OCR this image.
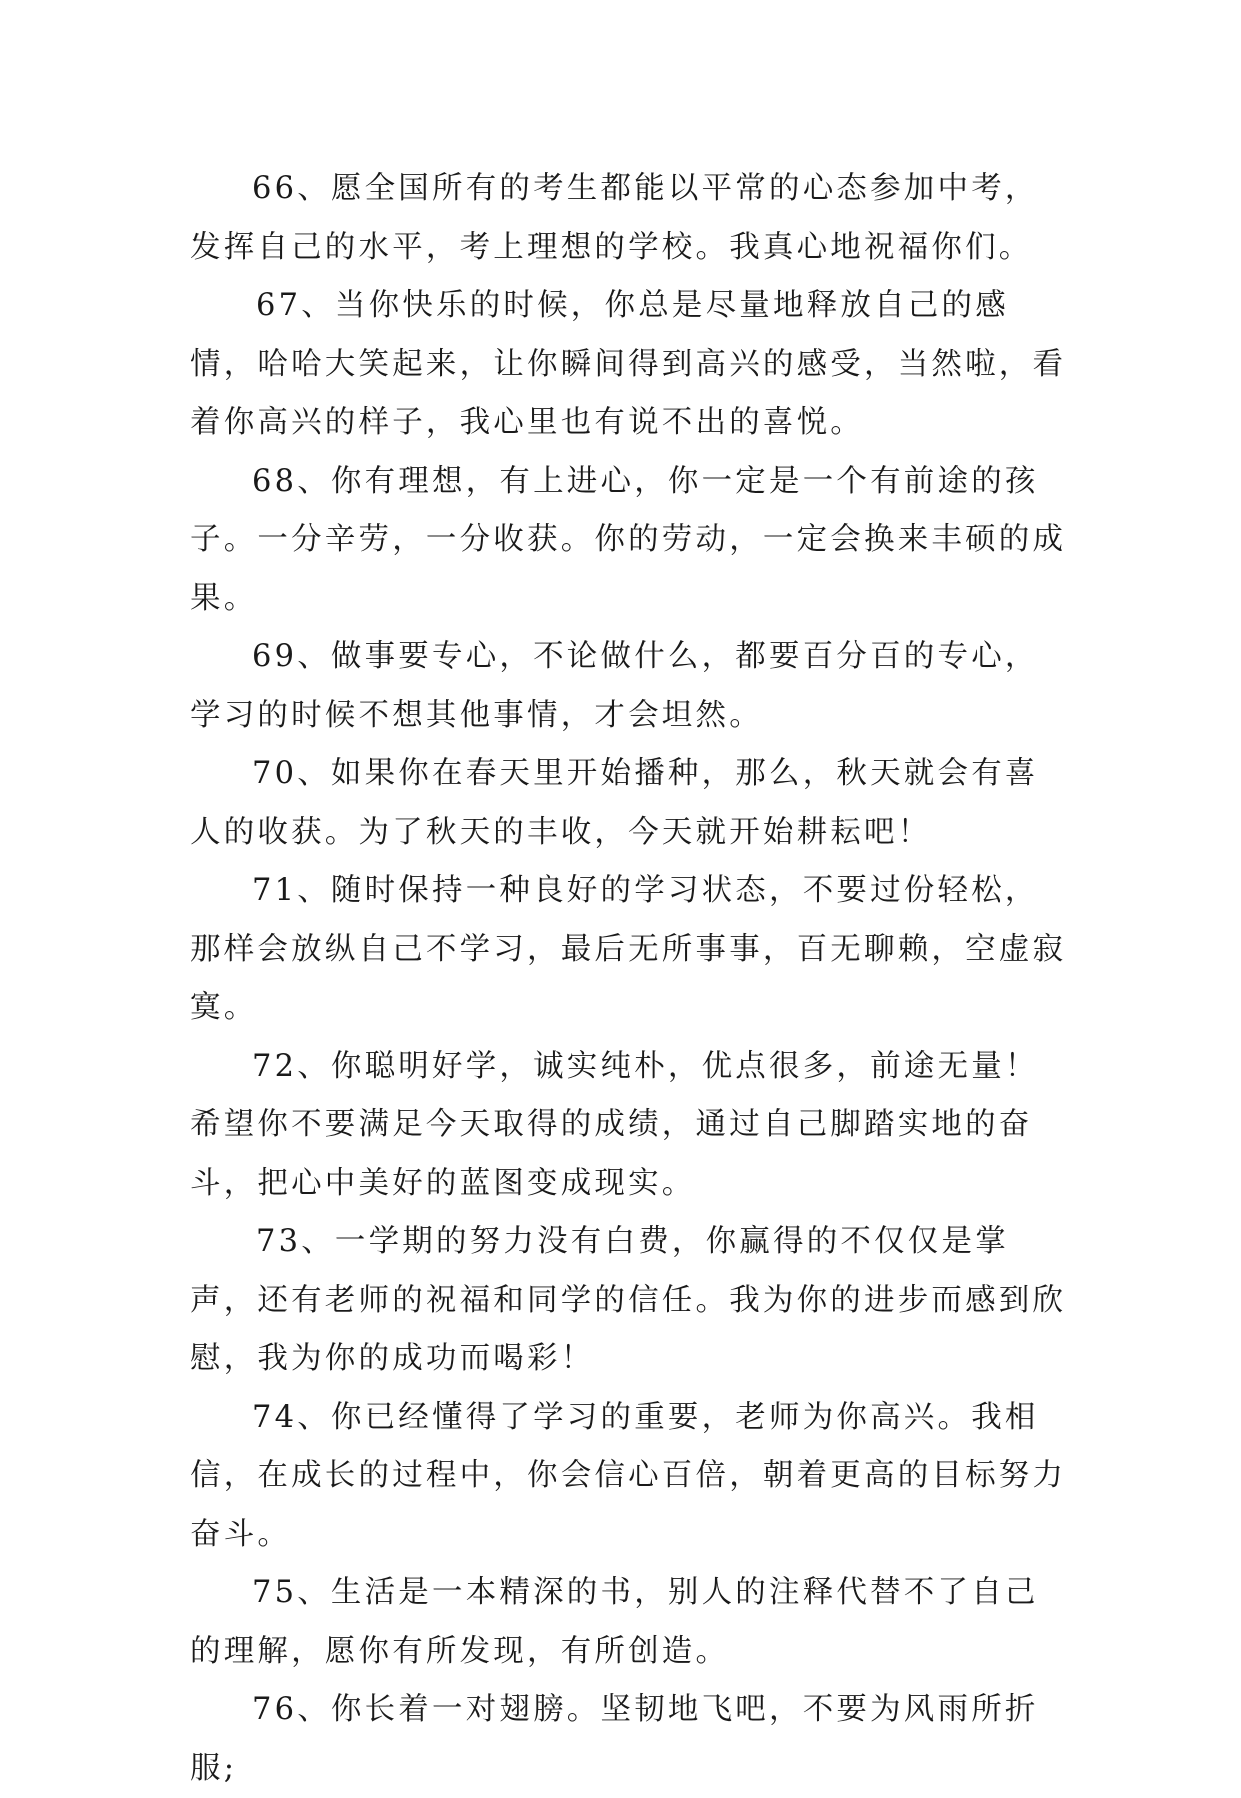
66、愿全国所有的考生都能以平常的心态参加中考，发挥自己的水平，考上理想的学校。我真心地祝福你们。

67、当你快乐的时候，你总是尽量地释放自己的感情，哈哈大笑起来，让你瞬间得到高兴的感受，当然啦，看着你高兴的样子，我心里也有说不出的喜悦。

68、你有理想，有上进心，你一定是一个有前途的孩子。一分辛劳，一分收获。你的劳动，一定会换来丰硕的成果。

69、做事要专心，不论做什么，都要百分百的专心，学习的时候不想其他事情，才会坦然。

70、如果你在春天里开始播种，那么，秋天就会有喜人的收获。为了秋天的丰收，今天就开始耕耘吧！

71、随时保持一种良好的学习状态，不要过份轻松，那样会放纵自己不学习，最后无所事事，百无聊赖，空虚寂寞。

72、你聪明好学，诚实纯朴，优点很多，前途无量！希望你不要满足今天取得的成绩，通过自己脚踏实地的奋斗，把心中美好的蓝图变成现实。

73、一学期的努力没有白费，你赢得的不仅仅是掌声，还有老师的祝福和同学的信任。我为你的进步而感到欣慰，我为你的成功而喝彩！

74、你已经懂得了学习的重要，老师为你高兴。我相信，在成长的过程中，你会信心百倍，朝着更高的目标努力奋斗。

75、生活是一本精深的书，别人的注释代替不了自己的理解，愿你有所发现，有所创造。

76、你长着一对翅膀。坚韧地飞吧，不要为风雨所折服;
